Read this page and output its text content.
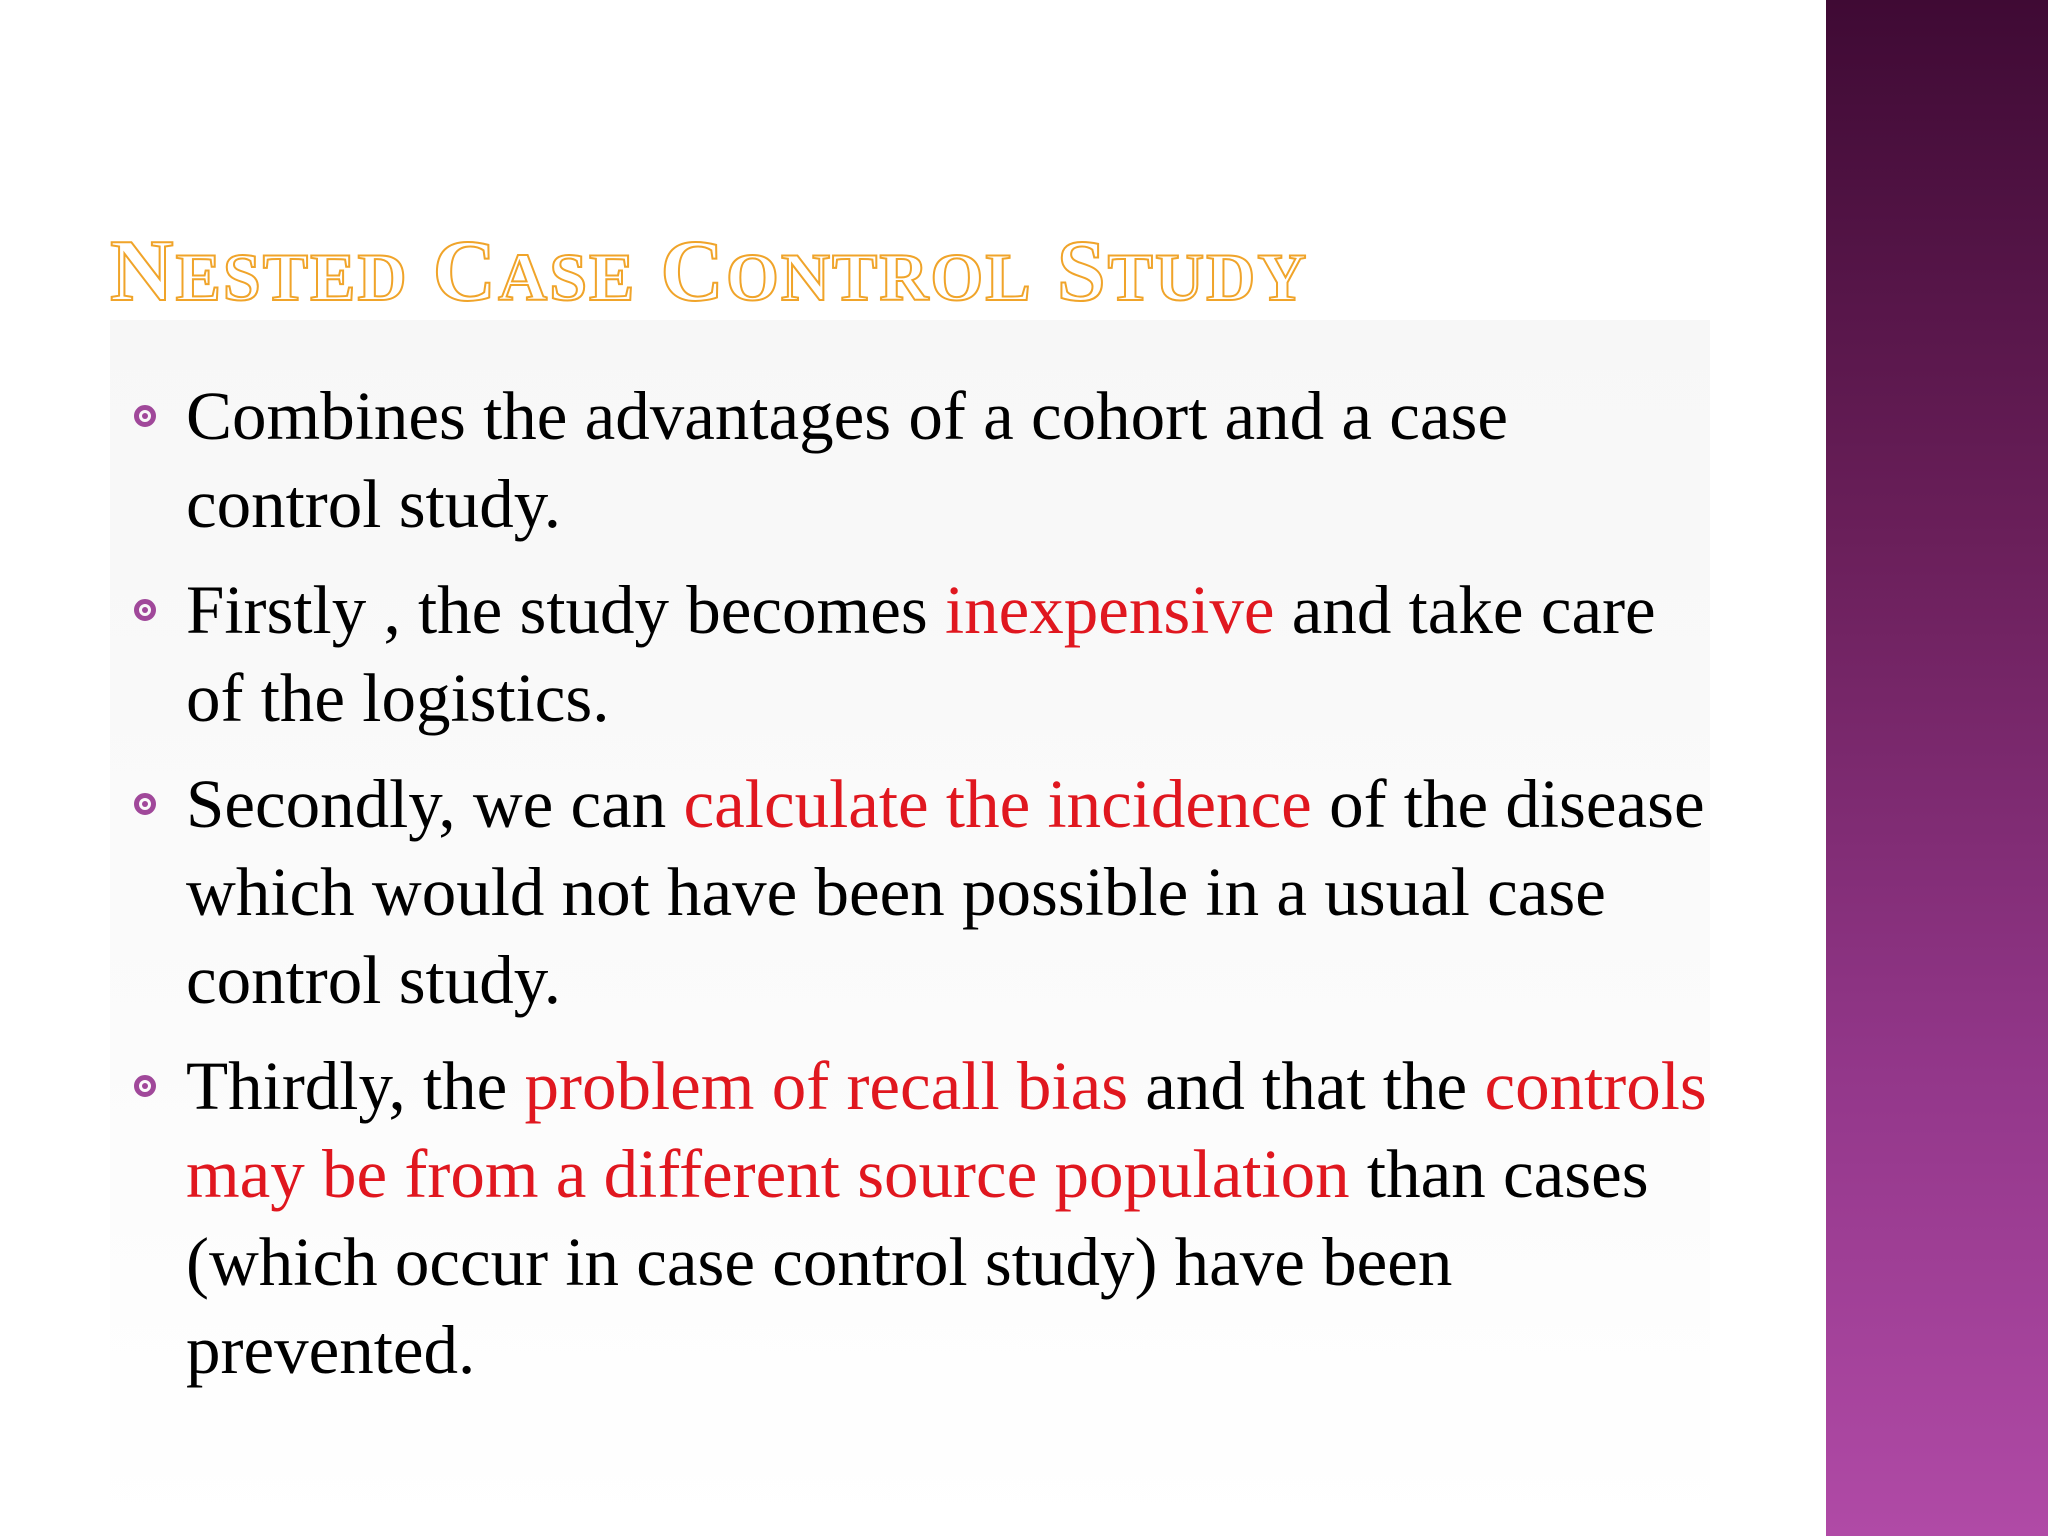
NESTED CASE CONTROL STUDY
Combines the advantages of a cohort and a case control study.
Firstly , the study becomes inexpensive and take care of the logistics.
Secondly, we can calculate the incidence of the disease which would not have been possible in a usual case control study.
Thirdly, the problem of recall bias and that the controls may be from a different source population than cases (which occur in case control study) have been prevented.
